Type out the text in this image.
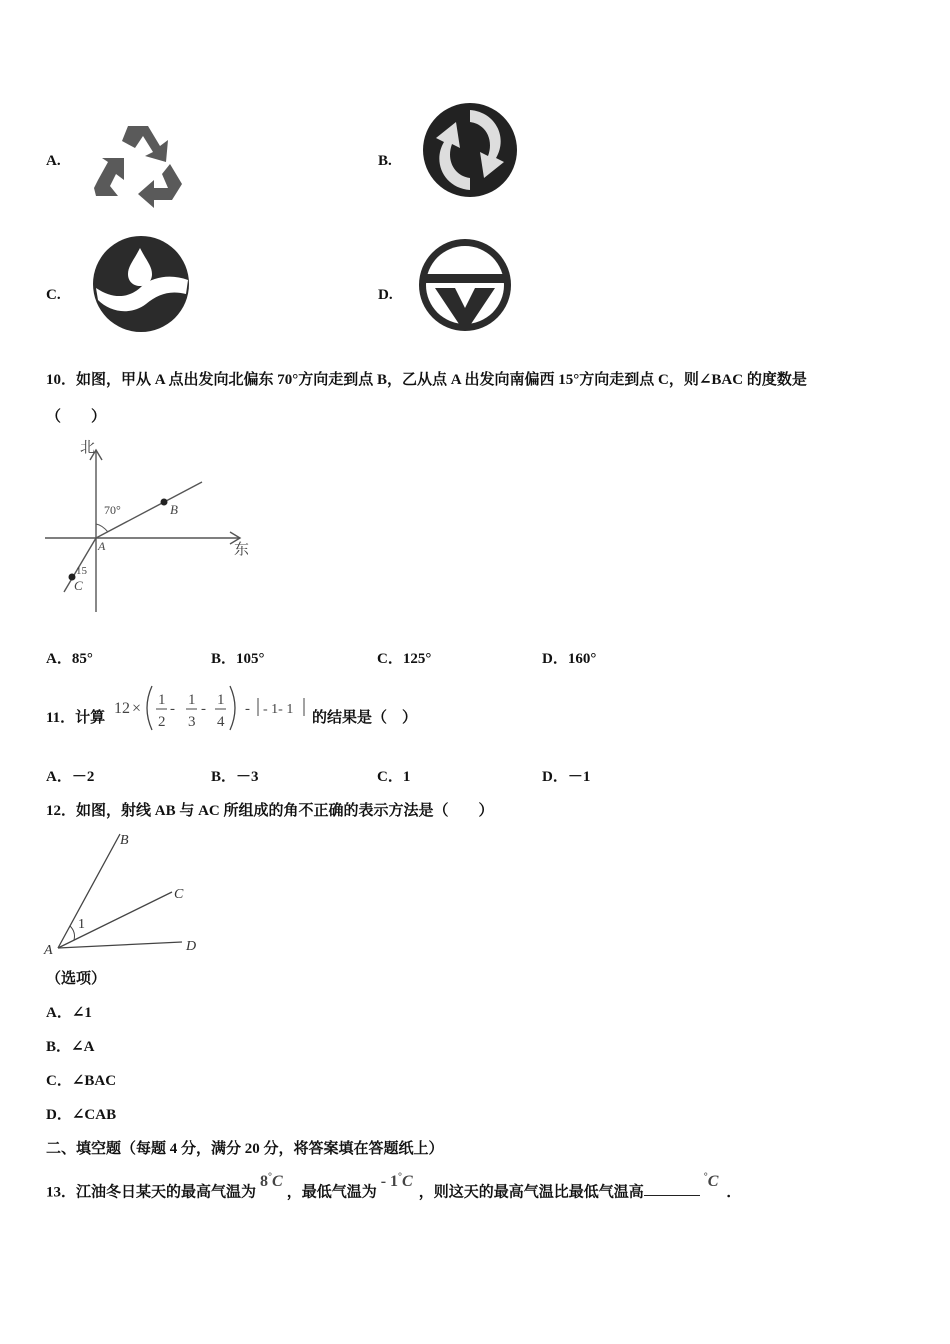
A.	B.
C.	D.
10．如图，甲从 A 点出发向北偏东 70°方向走到点 B，乙从点 A 出发向南偏西 15°方向走到点 C，则∠BAC 的度数是
（　　）
北
东
70°
15
A
B
C
A．85°	B．105°	C．125°	D．160°
11．计算
12 × 1
2
-
1
3
-
1
4
- - 1- 1
的结果是（　）
A．－2	B．－3	C．1	D．－1
12．如图，射线 AB 与 AC 所组成的角不正确的表示方法是（　　）
1
A
B
C
D
（选项）
A．∠1
B．∠A
C．∠BAC
D．∠CAB
二、填空题（每题 4 分，满分 20 分，将答案填在答题纸上）
13．江油冬日某天的最高气温为8°C，最低气温为- 1°C，则这天的最高气温比最低气温高°C．
